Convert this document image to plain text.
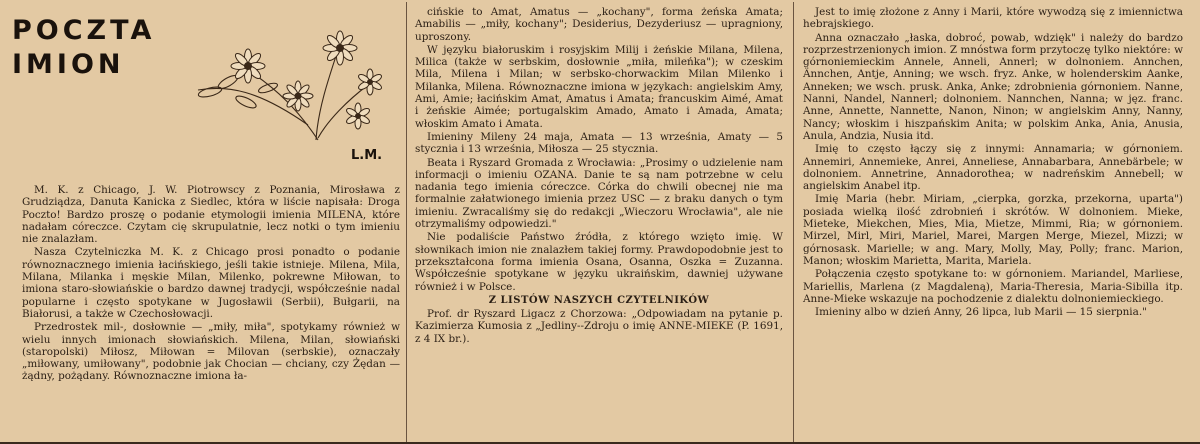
POCZTA
IMION
L.M.

M. K. z Chicago, J. W. Piotrowscy z Poznania, Mirosława z Grudziądza, Danuta Kanicka z Siedlec, która w liście napisała: Droga Poczto! Bardzo proszę o podanie etymologii imienia MILENA, które nadałam córeczce. Czytam cię skrupulatnie, lecz notki o tym imieniu nie znalazłam.

Nasza Czytelniczka M. K. z Chicago prosi ponadto o podanie równoznacznego imienia łacińskiego, jeśli takie istnieje. Milena, Mila, Milana, Milanka i męskie Milan, Milenko, pokrewne Miłowan, to imiona staro-słowiańskie o bardzo dawnej tradycji, współcześnie nadal popularne i często spotykane w Jugosławii (Serbii), Bułgarii, na Białorusi, a także w Czechosłowacji.

Przedrostek mil-, dosłownie — „miły, miła", spotykamy również w wielu innych imionach słowiańskich. Milena, Milan, słowiański (staropolski) Miłosz, Miłowan = Milovan (serbskie), oznaczały „miłowany, umiłowany", podobnie jak Chocian — chciany, czy Żędan — żądny, pożądany. Równoznaczne imiona ła-

cińskie to Amat, Amatus — „kochany", forma żeńska Amata; Amabilis — „miły, kochany"; Desiderius, Dezyderiusz — upragniony, uproszony.

W języku białoruskim i rosyjskim Milij i żeńskie Milana, Milena, Milica (także w serbskim, dosłownie „miła, mileńka"); w czeskim Mila, Milena i Milan; w serbsko-chorwackim Milan Milenko i Milanka, Milena. Równoznaczne imiona w językach: angielskim Amy, Ami, Amie; łacińskim Amat, Amatus i Amata; francuskim Aimé, Amat i żeńskie Aimée; portugalskim Amado, Amato i Amada, Amata; włoskim Amato i Amata.

Imieniny Mileny 24 maja, Amata — 13 września, Amaty — 5 stycznia i 13 września, Miłosza — 25 stycznia.

Beata i Ryszard Gromada z Wrocławia: „Prosimy o udzielenie nam informacji o imieniu OZANA. Danie te są nam potrzebne w celu nadania tego imienia córeczce. Córka do chwili obecnej nie ma formalnie załatwionego imienia przez USC — z braku danych o tym imieniu. Zwracaliśmy się do redakcji „Wieczoru Wrocławia", ale nie otrzymaliśmy odpowiedzi."

Nie podaliście Państwo źródła, z którego wzięto imię. W słownikach imion nie znalazłem takiej formy. Prawdopodobnie jest to przekształcona forma imienia Osana, Osanna, Oszka = Zuzanna. Współcześnie spotykane w języku ukraińskim, dawniej używane również i w Polsce.

Z LISTÓW NASZYCH CZYTELNIKÓW

Prof. dr Ryszard Ligacz z Chorzowa: „Odpowiadam na pytanie p. Kazimierza Kumosia z „Jedliny--Zdroju o imię ANNE-MIEKE (P. 1691, z 4 IX br.).

Jest to imię złożone z Anny i Marii, które wywodzą się z imiennictwa hebrajskiego.

Anna oznaczało „łaska, dobroć, powab, wdzięk" i należy do bardzo rozprzestrzenionych imion. Z mnóstwa form przytoczę tylko niektóre: w górnoniemieckim Annele, Anneli, Annerl; w dolnoniem. Annchen, Ännchen, Antje, Anning; we wsch. fryz. Anke, w holenderskim Aanke, Anneken; we wsch. prusk. Anka, Anke; zdrobnienia górnoniem. Nanne, Nanni, Nandel, Nannerl; dolnoniem. Nannchen, Nanna; w jęz. franc. Anne, Annette, Nannette, Nanon, Ninon; w angielskim Anny, Nanny, Nancy; włoskim i hiszpańskim Anita; w polskim Anka, Ania, Anusia, Anula, Andzia, Nusia itd.

Imię to często łączy się z innymi: Annamaria; w górnoniem. Annemiri, Annemieke, Anrei, Anneliese, Annabarbara, Annebärbele; w dolnoniem. Annetrine, Annadorothea; w nadreńskim Annebell; w angielskim Anabel itp.

Imię Maria (hebr. Miriam, „cierpka, gorzka, przekorna, uparta") posiada wielką ilość zdrobnień i skrótów. W dolnoniem. Mieke, Mieteke, Miekchen, Mies, Mia, Mietze, Mimmi, Ria; w górnoniem. Mirzel, Mirl, Miri, Mariel, Marei, Margen Merge, Miezel, Mizzi; w górnosask. Marielle; w ang. Mary, Molly, May, Polly; franc. Marion, Manon; włoskim Marietta, Marita, Mariela.

Połączenia często spotykane to: w górnoniem. Mariandel, Marliese, Mariellis, Marlena (z Magdaleną), Maria-Theresia, Maria-Sibilla itp. Anne-Mieke wskazuje na pochodzenie z dialektu dolnoniemieckiego.

Imieniny albo w dzień Anny, 26 lipca, lub Marii — 15 sierpnia."
